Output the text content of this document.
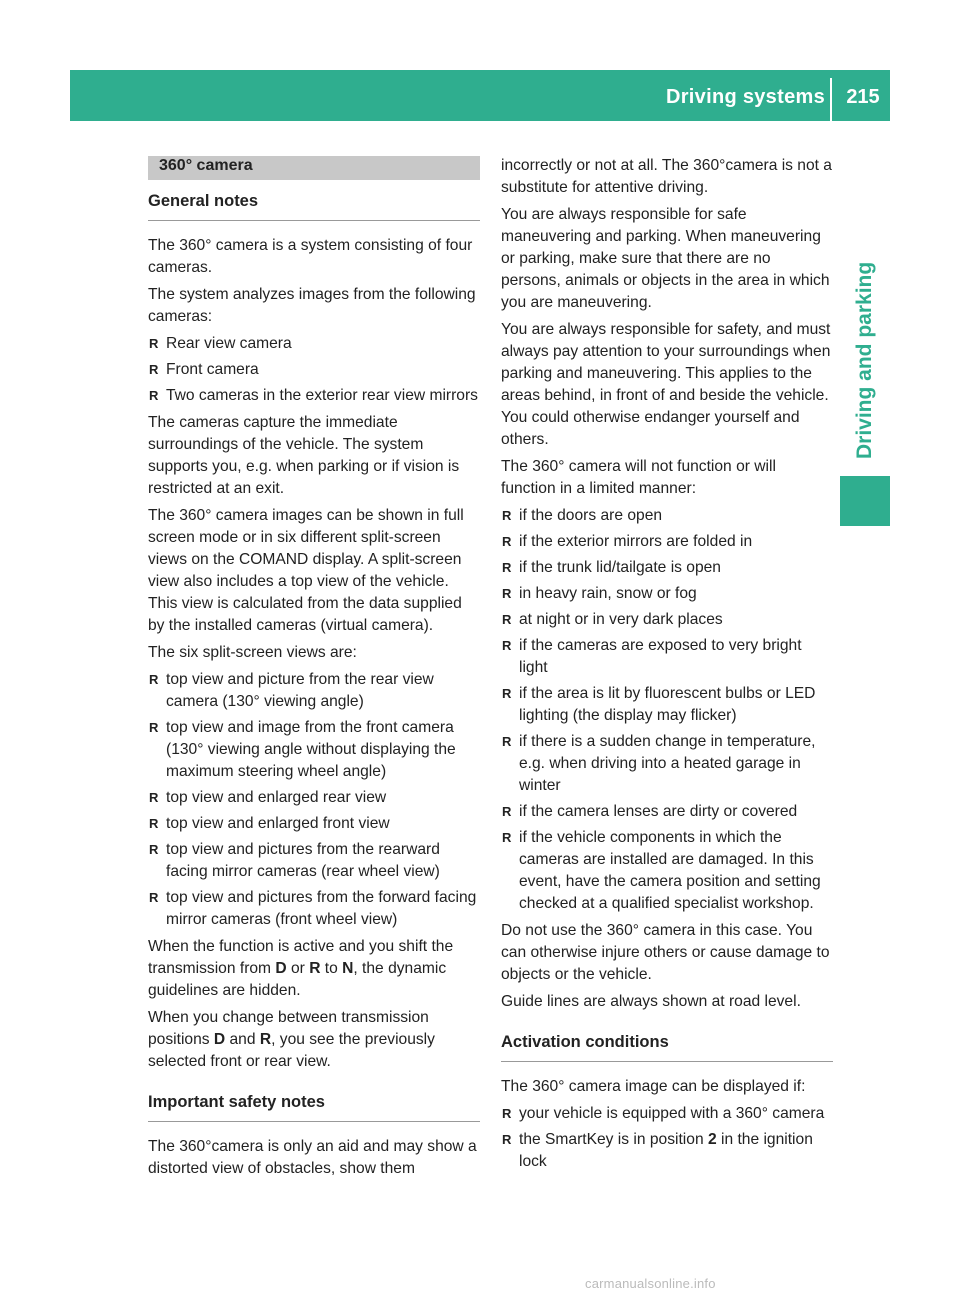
Driving systems	215
Driving and parking
360° camera
General notes

The 360° camera is a system consisting of four cameras.

The system analyzes images from the following cameras:

R Rear view camera
R Front camera
R Two cameras in the exterior rear view mirrors

The cameras capture the immediate surroundings of the vehicle. The system supports you, e.g. when parking or if vision is restricted at an exit.

The 360° camera images can be shown in full screen mode or in six different split-screen views on the COMAND display. A split-screen view also includes a top view of the vehicle. This view is calculated from the data supplied by the installed cameras (virtual camera).

The six split-screen views are:

R top view and picture from the rear view camera (130° viewing angle)
R top view and image from the front camera (130° viewing angle without displaying the maximum steering wheel angle)
R top view and enlarged rear view
R top view and enlarged front view
R top view and pictures from the rearward facing mirror cameras (rear wheel view)
R top view and pictures from the forward facing mirror cameras (front wheel view)

When the function is active and you shift the transmission from D or R to N, the dynamic guidelines are hidden.

When you change between transmission positions D and R, you see the previously selected front or rear view.

Important safety notes

The 360°camera is only an aid and may show a distorted view of obstacles, show them

incorrectly or not at all. The 360°camera is not a substitute for attentive driving.

You are always responsible for safe maneuvering and parking. When maneuvering or parking, make sure that there are no persons, animals or objects in the area in which you are maneuvering.

You are always responsible for safety, and must always pay attention to your surroundings when parking and maneuvering. This applies to the areas behind, in front of and beside the vehicle. You could otherwise endanger yourself and others.

The 360° camera will not function or will function in a limited manner:

R if the doors are open
R if the exterior mirrors are folded in
R if the trunk lid/tailgate is open
R in heavy rain, snow or fog
R at night or in very dark places
R if the cameras are exposed to very bright light
R if the area is lit by fluorescent bulbs or LED lighting (the display may flicker)
R if there is a sudden change in temperature, e.g. when driving into a heated garage in winter
R if the camera lenses are dirty or covered
R if the vehicle components in which the cameras are installed are damaged. In this event, have the camera position and setting checked at a qualified specialist workshop.

Do not use the 360° camera in this case. You can otherwise injure others or cause damage to objects or the vehicle.

Guide lines are always shown at road level.

Activation conditions

The 360° camera image can be displayed if:

R your vehicle is equipped with a 360° camera
R the SmartKey is in position 2 in the ignition lock
carmanualsonline.info
